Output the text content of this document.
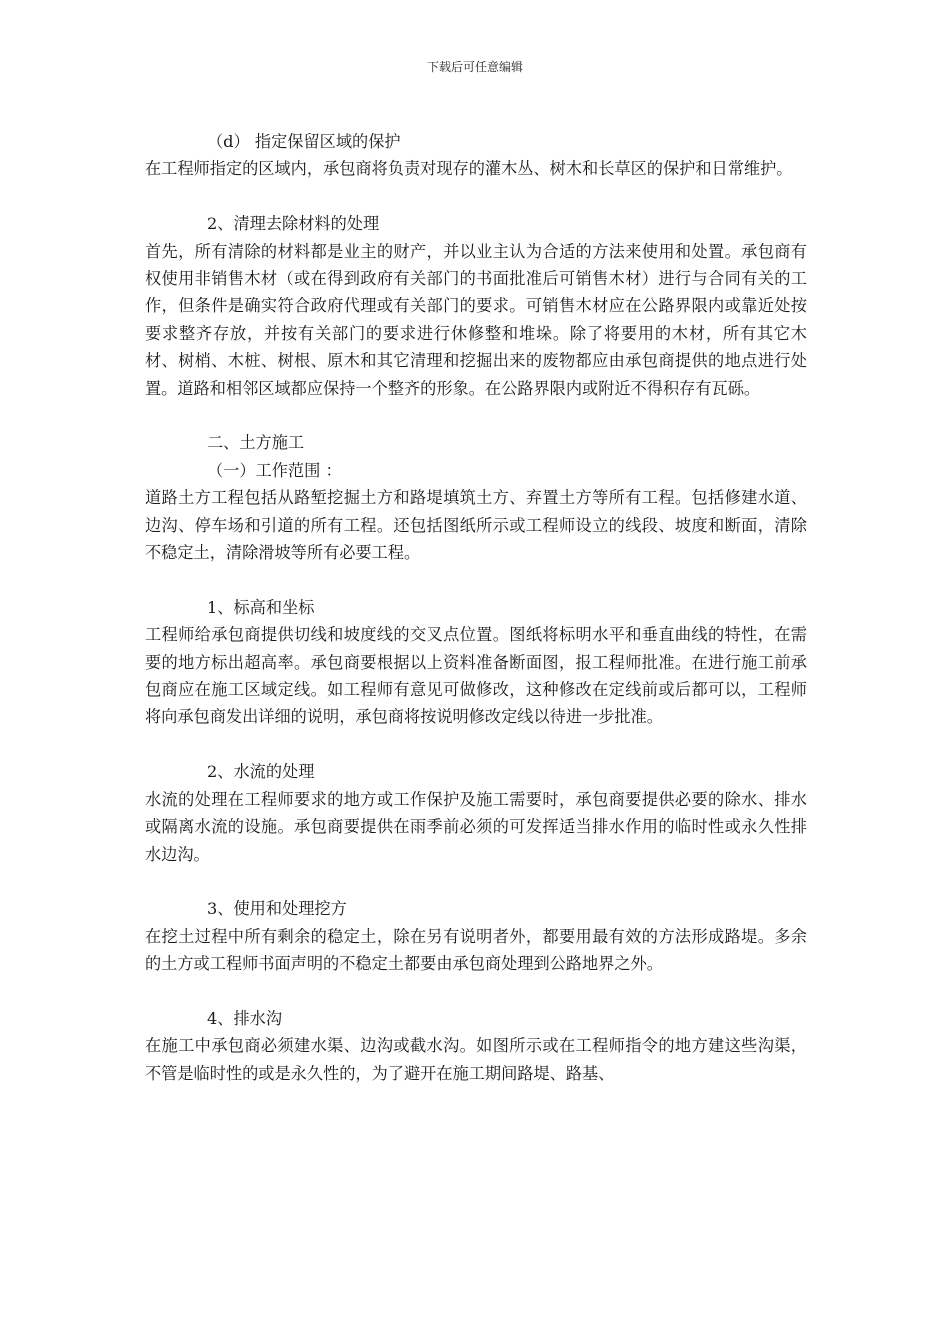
下载后可任意编辑
（d） 指定保留区域的保护
在工程师指定的区域内，承包商将负责对现存的灌木丛、树木和长草区的保护和日常维护。
2、清理去除材料的处理
首先，所有清除的材料都是业主的财产，并以业主认为合适的方法来使用和处置。承包商有权使用非销售木材（或在得到政府有关部门的书面批准后可销售木材）进行与合同有关的工作，但条件是确实符合政府代理或有关部门的要求。可销售木材应在公路界限内或靠近处按要求整齐存放，并按有关部门的要求进行休修整和堆垛。除了将要用的木材，所有其它木材、树梢、木桩、树根、原木和其它清理和挖掘出来的废物都应由承包商提供的地点进行处置。道路和相邻区域都应保持一个整齐的形象。在公路界限内或附近不得积存有瓦砾。
二、土方施工
（一）工作范围 ：
道路土方工程包括从路堑挖掘土方和路堤填筑土方、弃置土方等所有工程。包括修建水道、边沟、停车场和引道的所有工程。还包括图纸所示或工程师设立的线段、坡度和断面，清除不稳定土，清除滑坡等所有必要工程。
1、标高和坐标
工程师给承包商提供切线和坡度线的交叉点位置。图纸将标明水平和垂直曲线的特性，在需要的地方标出超高率。承包商要根据以上资料准备断面图，报工程师批准。在进行施工前承包商应在施工区域定线。如工程师有意见可做修改，这种修改在定线前或后都可以，工程师将向承包商发出详细的说明，承包商将按说明修改定线以待进一步批准。
2、水流的处理
水流的处理在工程师要求的地方或工作保护及施工需要时，承包商要提供必要的除水、排水或隔离水流的设施。承包商要提供在雨季前必须的可发挥适当排水作用的临时性或永久性排水边沟。
3、使用和处理挖方
在挖土过程中所有剩余的稳定土，除在另有说明者外，都要用最有效的方法形成路堤。多余的土方或工程师书面声明的不稳定土都要由承包商处理到公路地界之外。
4、排水沟
在施工中承包商必须建水渠、边沟或截水沟。如图所示或在工程师指令的地方建这些沟渠，不管是临时性的或是永久性的，为了避开在施工期间路堤、路基、
